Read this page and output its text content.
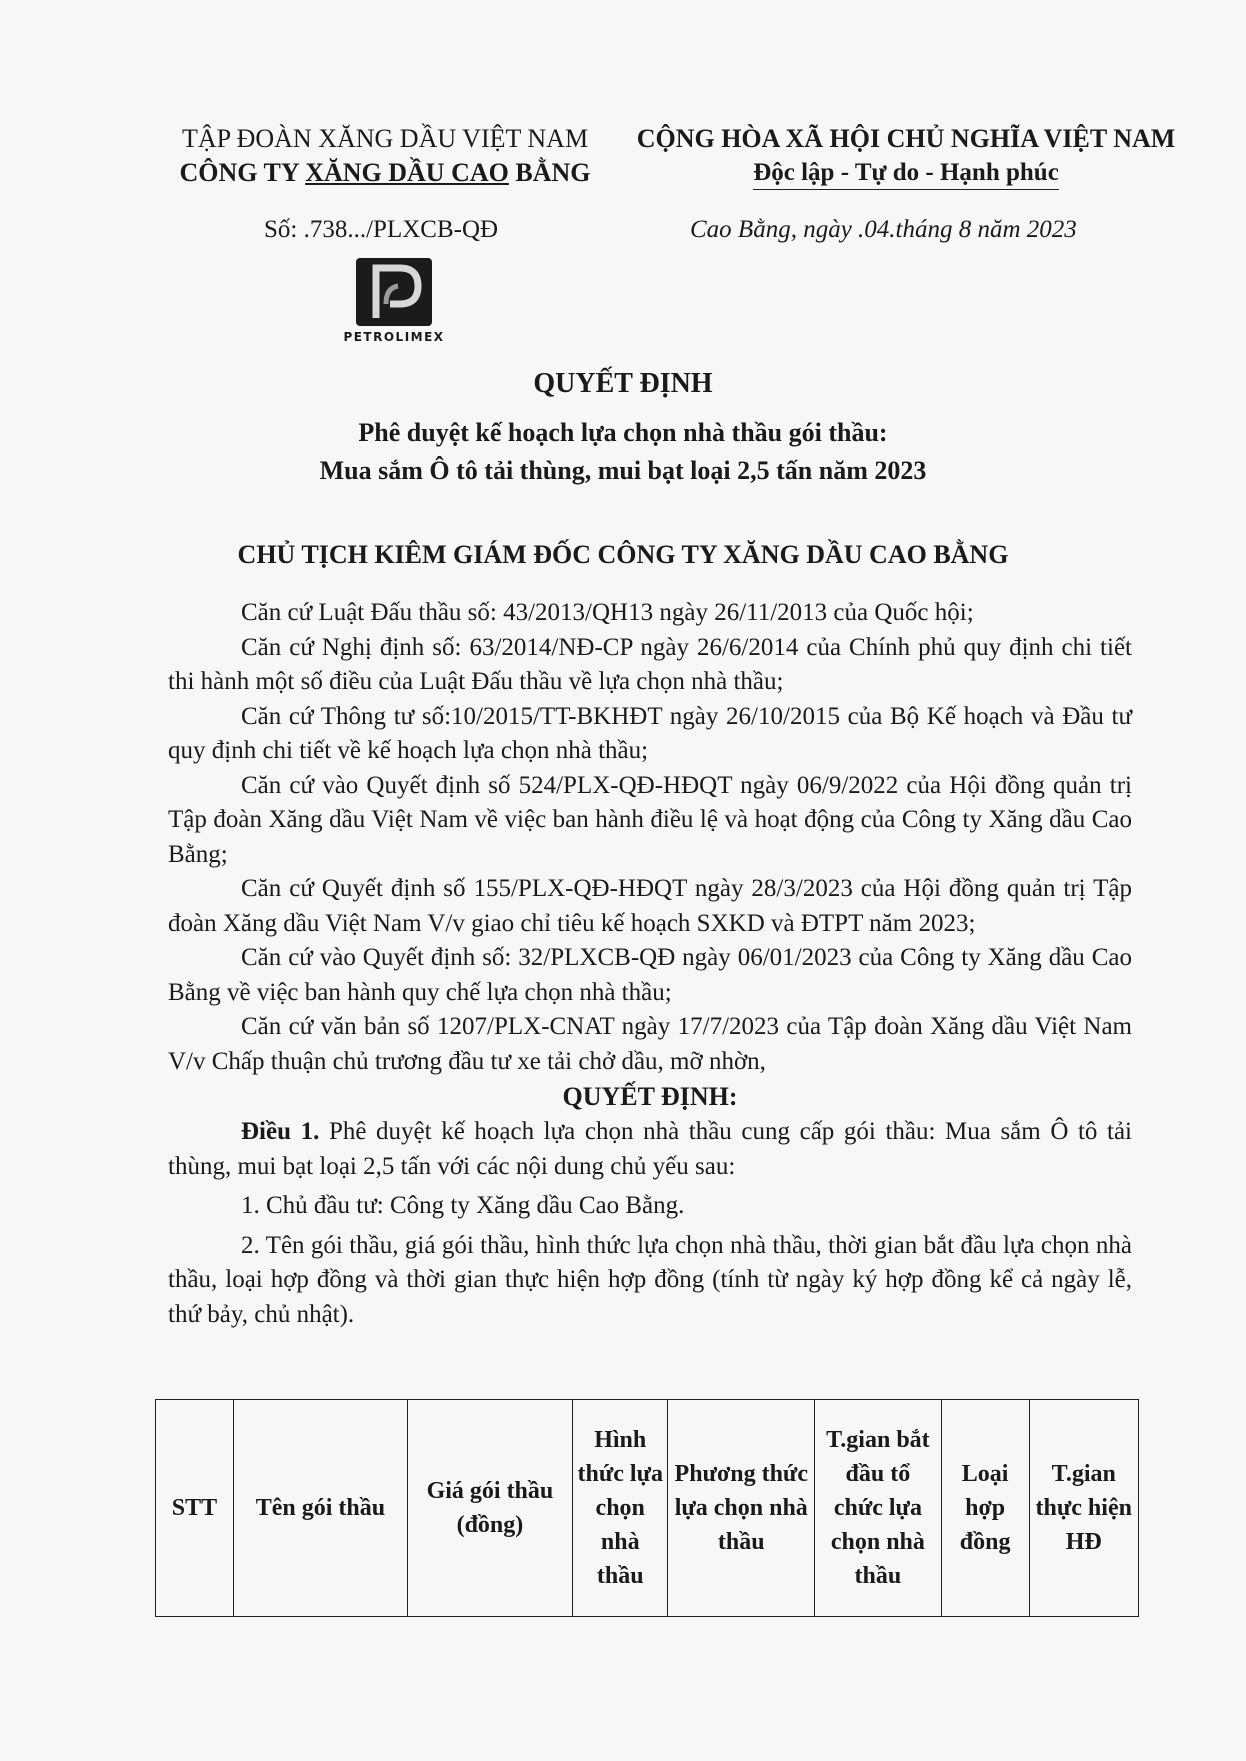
TẬP ĐOÀN XĂNG DẦU VIỆT NAM
CÔNG TY XĂNG DẦU CAO BẰNG
CỘNG HÒA XÃ HỘI CHỦ NGHĨA VIỆT NAM
Độc lập - Tự do - Hạnh phúc
Số: .738.../PLXCB-QĐ	Cao Bằng, ngày .04.tháng 8 năm 2023
PETROLIMEX
QUYẾT ĐỊNH
Phê duyệt kế hoạch lựa chọn nhà thầu gói thầu:
Mua sắm Ô tô tải thùng, mui bạt loại 2,5 tấn năm 2023
CHỦ TỊCH KIÊM GIÁM ĐỐC CÔNG TY XĂNG DẦU CAO BẰNG

Căn cứ Luật Đấu thầu số: 43/2013/QH13 ngày 26/11/2013 của Quốc hội;

Căn cứ Nghị định số: 63/2014/NĐ-CP ngày 26/6/2014 của Chính phủ quy định chi tiết thi hành một số điều của Luật Đấu thầu về lựa chọn nhà thầu;

Căn cứ Thông tư số:10/2015/TT-BKHĐT ngày 26/10/2015 của Bộ Kế hoạch và Đầu tư quy định chi tiết về kế hoạch lựa chọn nhà thầu;

Căn cứ vào Quyết định số 524/PLX-QĐ-HĐQT ngày 06/9/2022 của Hội đồng quản trị Tập đoàn Xăng dầu Việt Nam về việc ban hành điều lệ và hoạt động của Công ty Xăng dầu Cao Bằng;

Căn cứ Quyết định số 155/PLX-QĐ-HĐQT ngày 28/3/2023 của Hội đồng quản trị Tập đoàn Xăng dầu Việt Nam V/v giao chỉ tiêu kế hoạch SXKD và ĐTPT năm 2023;

Căn cứ vào Quyết định số: 32/PLXCB-QĐ ngày 06/01/2023 của Công ty Xăng dầu Cao Bằng về việc ban hành quy chế lựa chọn nhà thầu;

Căn cứ văn bản số 1207/PLX-CNAT ngày 17/7/2023 của Tập đoàn Xăng dầu Việt Nam V/v Chấp thuận chủ trương đầu tư xe tải chở dầu, mỡ nhờn,

QUYẾT ĐỊNH:

Điều 1. Phê duyệt kế hoạch lựa chọn nhà thầu cung cấp gói thầu: Mua sắm Ô tô tải thùng, mui bạt loại 2,5 tấn với các nội dung chủ yếu sau:

1. Chủ đầu tư: Công ty Xăng dầu Cao Bằng.

2. Tên gói thầu, giá gói thầu, hình thức lựa chọn nhà thầu, thời gian bắt đầu lựa chọn nhà thầu, loại hợp đồng và thời gian thực hiện hợp đồng (tính từ ngày ký hợp đồng kể cả ngày lễ, thứ bảy, chủ nhật).

STT	Tên gói thầu	Giá gói thầu (đồng)	Hình thức lựa chọn nhà thầu	Phương thức lựa chọn nhà thầu	T.gian bắt đầu tổ chức lựa chọn nhà thầu	Loại hợp đồng	T.gian thực hiện HĐ
